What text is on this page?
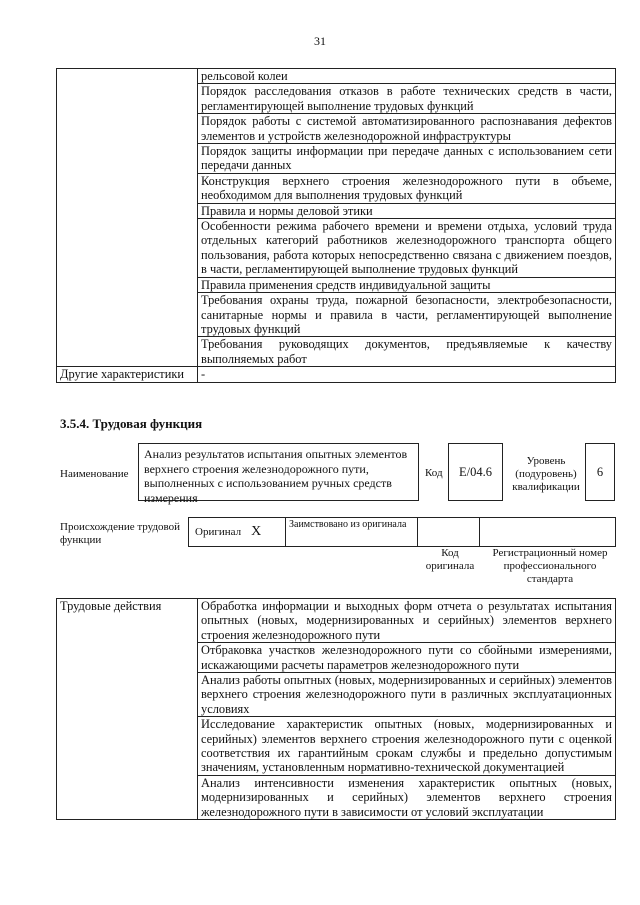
31
	рельсовой колеи
	Порядок расследования отказов в работе технических средств в части, регламентирующей выполнение трудовых функций
	Порядок работы с системой автоматизированного распознавания дефектов элементов и устройств железнодорожной инфраструктуры
	Порядок защиты информации при передаче данных с использованием сети передачи данных
	Конструкция верхнего строения железнодорожного пути в объеме, необходимом для выполнения трудовых функций
	Правила и нормы деловой этики
	Особенности режима рабочего времени и времени отдыха, условий труда отдельных категорий работников железнодорожного транспорта общего пользования, работа которых непосредственно связана с движением поездов, в части, регламентирующей выполнение трудовых функций
	Правила применения средств индивидуальной защиты
	Требования охраны труда, пожарной безопасности, электробезопасности, санитарные нормы и правила в части, регламентирующей выполнение трудовых функций
	Требования руководящих документов, предъявляемые к качеству выполняемых работ
Другие характеристики	-
3.5.4. Трудовая функция
Наименование
Анализ результатов испытания опытных элементов верхнего строения железнодорожного пути, выполненных с использованием ручных средств измерения
Код	E/04.6
Уровень (подуровень) квалификации
6
Происхождение трудовой функции
Оригинал X	Заимствовано из оригинала
Код оригинала
Регистрационный номер профессионального стандарта
Трудовые действия	Обработка информации и выходных форм отчета о результатах испытания опытных (новых, модернизированных и серийных) элементов верхнего строения железнодорожного пути
Отбраковка участков железнодорожного пути со сбойными измерениями, искажающими расчеты параметров железнодорожного пути
Анализ работы опытных (новых, модернизированных и серийных) элементов верхнего строения железнодорожного пути в различных эксплуатационных условиях
Исследование характеристик опытных (новых, модернизированных и серийных) элементов верхнего строения железнодорожного пути с оценкой соответствия их гарантийным срокам службы и предельно допустимым значениям, установленным нормативно-технической документацией
Анализ интенсивности изменения характеристик опытных (новых, модернизированных и серийных) элементов верхнего строения железнодорожного пути в зависимости от условий эксплуатации
